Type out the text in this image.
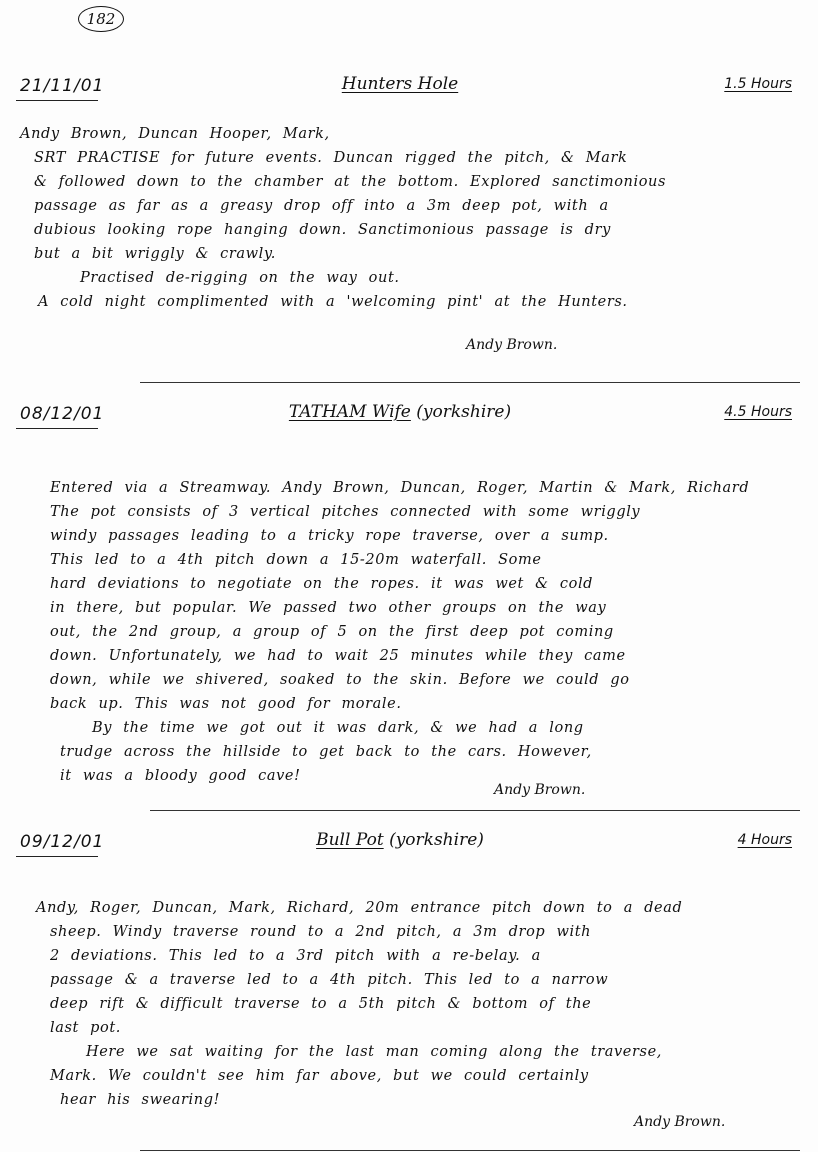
182
21/11/01	Hunters Hole	1.5 Hours
Andy Brown, Duncan Hooper, Mark,
SRT PRACTISE for future events. Duncan rigged the pitch, & Mark
& followed down to the chamber at the bottom. Explored sanctimonious
passage as far as a greasy drop off into a 3m deep pot, with a
dubious looking rope hanging down. Sanctimonious passage is dry
but a bit wriggly & crawly.
Practised de-rigging on the way out.
A cold night complimented with a 'welcoming pint' at the Hunters.
Andy Brown.
08/12/01	TATHAM Wife (yorkshire)	4.5 Hours
Entered via a Streamway. Andy Brown, Duncan, Roger, Martin & Mark, Richard
The pot consists of 3 vertical pitches connected with some wriggly
windy passages leading to a tricky rope traverse, over a sump.
This led to a 4th pitch down a 15-20m waterfall. Some
hard deviations to negotiate on the ropes. it was wet & cold
in there, but popular. We passed two other groups on the way
out, the 2nd group, a group of 5 on the first deep pot coming
down. Unfortunately, we had to wait 25 minutes while they came
down, while we shivered, soaked to the skin. Before we could go
back up. This was not good for morale.
By the time we got out it was dark, & we had a long
trudge across the hillside to get back to the cars. However,
it was a bloody good cave!
Andy Brown.
09/12/01	Bull Pot (yorkshire)	4 Hours
Andy, Roger, Duncan, Mark, Richard, 20m entrance pitch down to a dead
sheep. Windy traverse round to a 2nd pitch, a 3m drop with
2 deviations. This led to a 3rd pitch with a re-belay. a
passage & a traverse led to a 4th pitch. This led to a narrow
deep rift & difficult traverse to a 5th pitch & bottom of the
last pot.
Here we sat waiting for the last man coming along the traverse,
Mark. We couldn't see him far above, but we could certainly
hear his swearing!
Andy Brown.
